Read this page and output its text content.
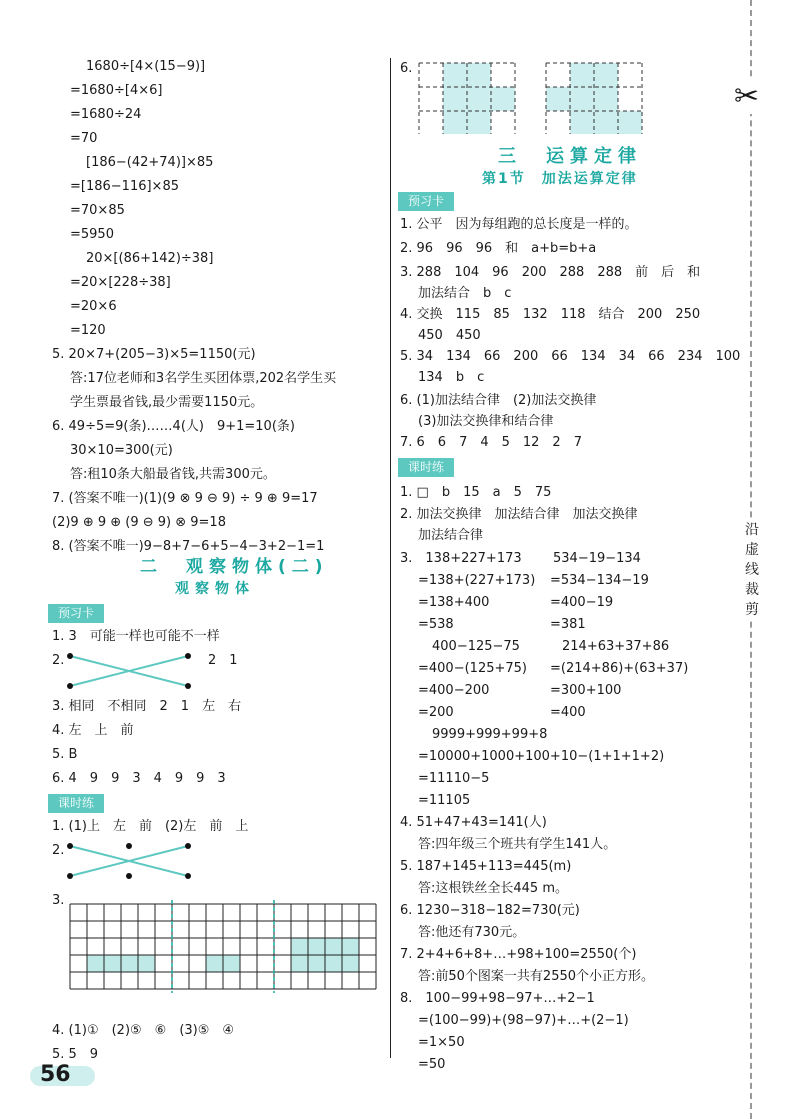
✂
沿虚线裁剪
1680÷[4×(15−9)]
=1680÷[4×6]
=1680÷24
=70
[186−(42+74)]×85
=[186−116]×85
=70×85
=5950
20×[(86+142)÷38]
=20×[228÷38]
=20×6
=120
5. 20×7+(205−3)×5=1150(元)
答:17位老师和3名学生买团体票,202名学生买
学生票最省钱,最少需要1150元。
6. 49÷5=9(条)……4(人)　9+1=10(条)
30×10=300(元)
答:租10条大船最省钱,共需300元。
7. (答案不唯一)(1)(9 ⊗ 9 ⊖ 9) ÷ 9 ⊕ 9=17
(2)9 ⊕ 9 ⊕ (9 ⊖ 9) ⊗ 9=18
8. (答案不唯一)9−8+7−6+5−4−3+2−1=1
二　观察物体(二)
观察物体
预习卡
1. 3　可能一样也可能不一样
2.	2　1
3. 相同　不相同　2　1　左　右
4. 左　上　前
5. B
6. 4　9　9　3　4　9　9　3
课时练
1. (1)上　左　前　(2)左　前　上
2.
3.
4. (1)①　(2)⑤　⑥　(3)⑤　④
5. 5　9
56
6.
三　运算定律
第1节　加法运算定律
预习卡
1. 公平　因为每组跑的总长度是一样的。
2. 96　96　96　和　a+b=b+a
3. 288　104　96　200　288　288　前　后　和
加法结合　b　c
4. 交换　115　85　132　118　结合　200　250
450　450
5. 34　134　66　200　66　134　34　66　234　100
134　b　c
6. (1)加法结合律　(2)加法交换律
(3)加法交换律和结合律
7. 6　6　7　4　5　12　2　7
课时练
1. □　b　15　a　5　75
2. 加法交换律　加法结合律　加法交换律
加法结合律
3.　138+227+173 534−19−134
=138+(227+173) =534−134−19
=138+400	=400−19
=538	=381
400−125−75	214+63+37+86
=400−(125+75) =(214+86)+(63+37)
=400−200	=300+100
=200	=400
9999+999+99+8
=10000+1000+100+10−(1+1+1+2)
=11110−5
=11105
4. 51+47+43=141(人)
答:四年级三个班共有学生141人。
5. 187+145+113=445(m)
答:这根铁丝全长445 m。
6. 1230−318−182=730(元)
答:他还有730元。
7. 2+4+6+8+…+98+100=2550(个)
答:前50个图案一共有2550个小正方形。
8.　100−99+98−97+…+2−1
=(100−99)+(98−97)+…+(2−1)
=1×50
=50
